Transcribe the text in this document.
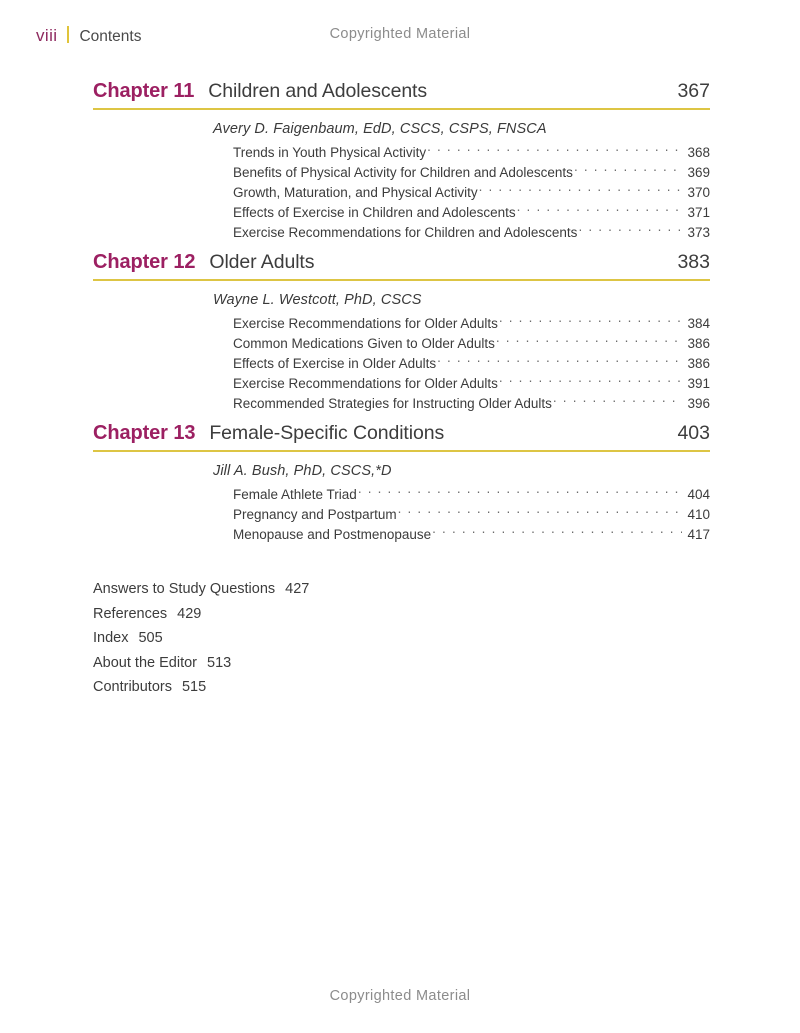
viii Contents	Copyrighted Material
Chapter 11 Children and Adolescents	367
Avery D. Faigenbaum, EdD, CSCS, CSPS, FNSCA
Trends in Youth Physical Activity . . .	368
Benefits of Physical Activity for Children and Adolescents . . .	369
Growth, Maturation, and Physical Activity . . .	370
Effects of Exercise in Children and Adolescents . . .	371
Exercise Recommendations for Children and Adolescents . . .	373
Chapter 12 Older Adults	383
Wayne L. Westcott, PhD, CSCS
Exercise Recommendations for Older Adults . . .	384
Common Medications Given to Older Adults . . .	386
Effects of Exercise in Older Adults . . .	386
Exercise Recommendations for Older Adults . . .	391
Recommended Strategies for Instructing Older Adults . . .	396
Chapter 13 Female-Specific Conditions	403
Jill A. Bush, PhD, CSCS,*D
Female Athlete Triad . . .	404
Pregnancy and Postpartum . . .	410
Menopause and Postmenopause . . .	417
Answers to Study Questions 427
References 429
Index 505
About the Editor 513
Contributors 515
Copyrighted Material
